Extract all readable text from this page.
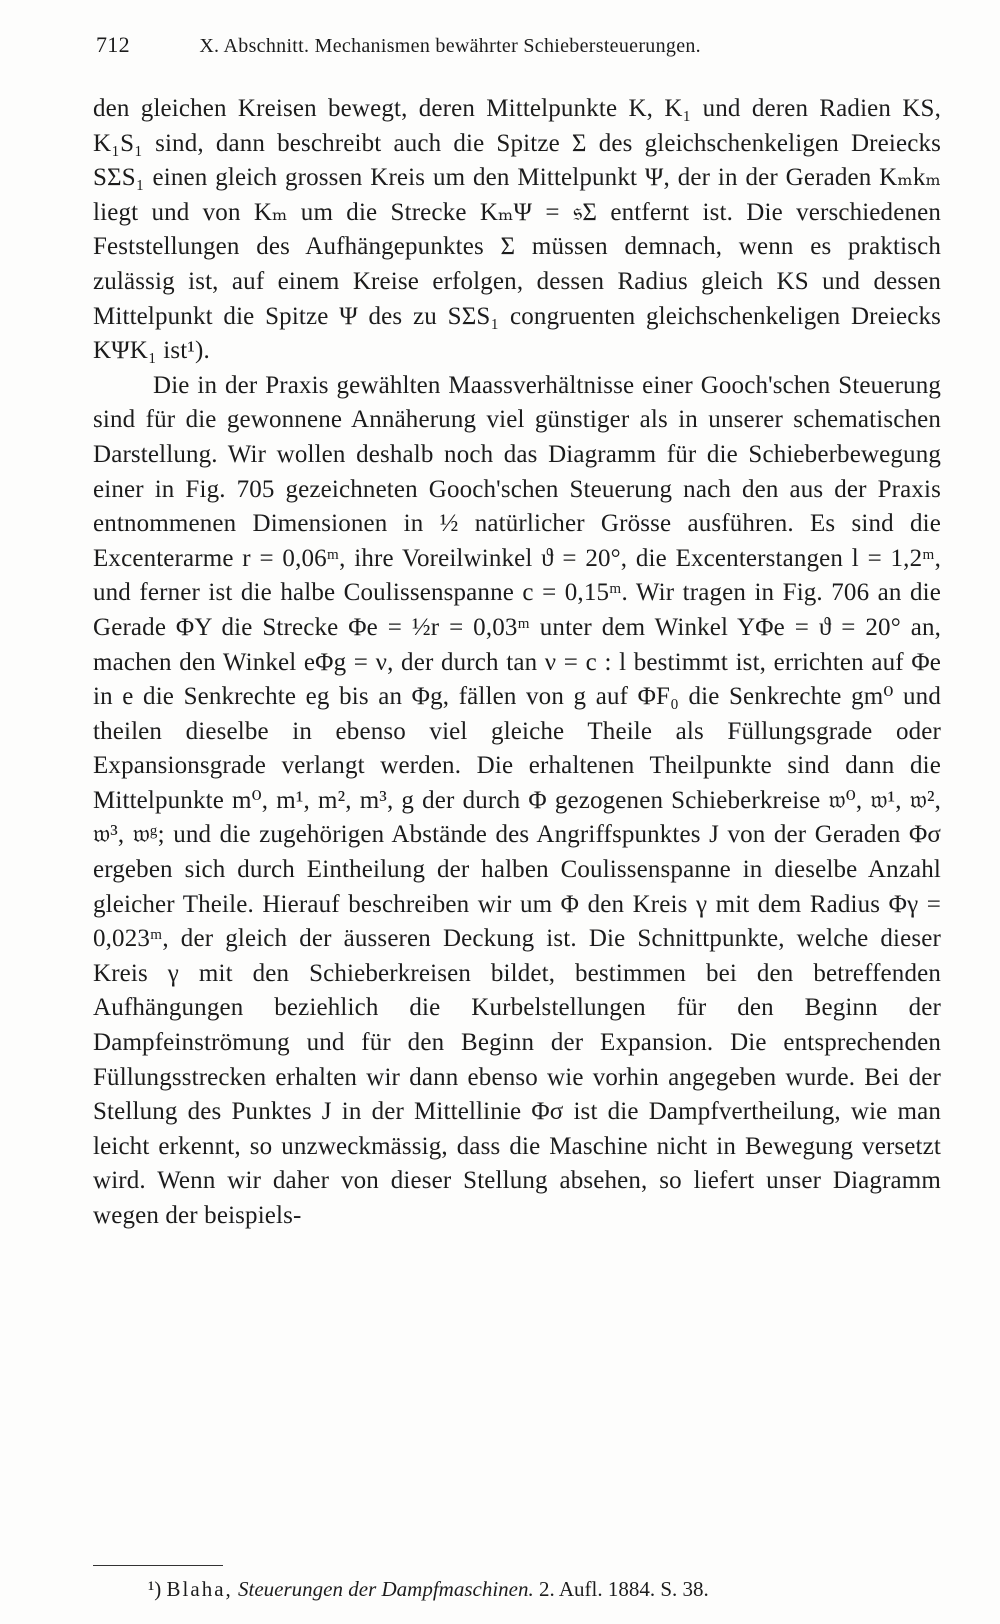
712	X. Abschnitt. Mechanismen bewährter Schiebersteuerungen.

den gleichen Kreisen bewegt, deren Mittelpunkte K, K₁ und deren Radien KS, K₁S₁ sind, dann beschreibt auch die Spitze Σ des gleichschenkeligen Dreiecks SΣS₁ einen gleich grossen Kreis um den Mittelpunkt Ψ, der in der Geraden Kₘkₘ liegt und von Kₘ um die Strecke KₘΨ = 𝔰Σ entfernt ist. Die verschiedenen Feststellungen des Aufhängepunktes Σ müssen demnach, wenn es praktisch zulässig ist, auf einem Kreise erfolgen, dessen Radius gleich KS und dessen Mittelpunkt die Spitze Ψ des zu SΣS₁ congruenten gleichschenkeligen Dreiecks KΨK₁ ist¹).

Die in der Praxis gewählten Maassverhältnisse einer Gooch'schen Steuerung sind für die gewonnene Annäherung viel günstiger als in unserer schematischen Darstellung. Wir wollen deshalb noch das Diagramm für die Schieberbewegung einer in Fig. 705 gezeichneten Gooch'schen Steuerung nach den aus der Praxis entnommenen Dimensionen in ½ natürlicher Grösse ausführen. Es sind die Excenterarme r = 0,06ᵐ, ihre Voreilwinkel ϑ = 20°, die Excenterstangen l = 1,2ᵐ, und ferner ist die halbe Coulissenspanne c = 0,15ᵐ. Wir tragen in Fig. 706 an die Gerade ΦY die Strecke Φe = ½r = 0,03ᵐ unter dem Winkel YΦe = ϑ = 20° an, machen den Winkel eΦg = ν, der durch tan ν = c : l bestimmt ist, errichten auf Φe in e die Senkrechte eg bis an Φg, fällen von g auf ΦF₀ die Senkrechte gm⁰ und theilen dieselbe in ebenso viel gleiche Theile als Füllungsgrade oder Expansionsgrade verlangt werden. Die erhaltenen Theilpunkte sind dann die Mittelpunkte m⁰, m¹, m², m³, g der durch Φ gezogenen Schieberkreise 𝔴⁰, 𝔴¹, 𝔴², 𝔴³, 𝔴ᵍ; und die zugehörigen Abstände des Angriffspunktes J von der Geraden Φσ ergeben sich durch Eintheilung der halben Coulissenspanne in dieselbe Anzahl gleicher Theile. Hierauf beschreiben wir um Φ den Kreis γ mit dem Radius Φγ = 0,023ᵐ, der gleich der äusseren Deckung ist. Die Schnittpunkte, welche dieser Kreis γ mit den Schieberkreisen bildet, bestimmen bei den betreffenden Aufhängungen beziehlich die Kurbelstellungen für den Beginn der Dampfeinströmung und für den Beginn der Expansion. Die entsprechenden Füllungsstrecken erhalten wir dann ebenso wie vorhin angegeben wurde. Bei der Stellung des Punktes J in der Mittellinie Φσ ist die Dampfvertheilung, wie man leicht erkennt, so unzweckmässig, dass die Maschine nicht in Bewegung versetzt wird. Wenn wir daher von dieser Stellung absehen, so liefert unser Diagramm wegen der beispiels-

¹) Blaha, Steuerungen der Dampfmaschinen. 2. Aufl. 1884. S. 38.
